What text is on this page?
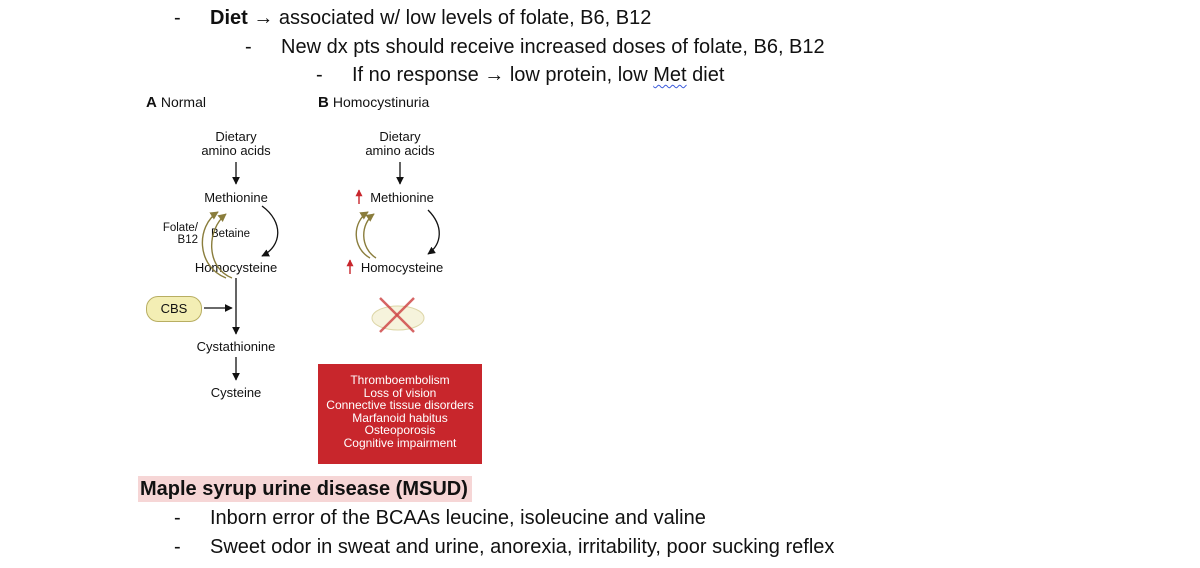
- Diet → associated w/ low levels of folate, B6, B12
- New dx pts should receive increased doses of folate, B6, B12
- If no response → low protein, low Met diet
A Normal	B Homocystinuria
Dietary
amino acids
Methionine
Folate/
B12 Betaine
Homocysteine
CBS
Cystathionine
Cysteine
Dietary
amino acids
Methionine
Homocysteine
Thromboembolism
Loss of vision
Connective tissue disorders
Marfanoid habitus
Osteoporosis
Cognitive impairment
Maple syrup urine disease (MSUD)
- Inborn error of the BCAAs leucine, isoleucine and valine
- Sweet odor in sweat and urine, anorexia, irritability, poor sucking reflex
